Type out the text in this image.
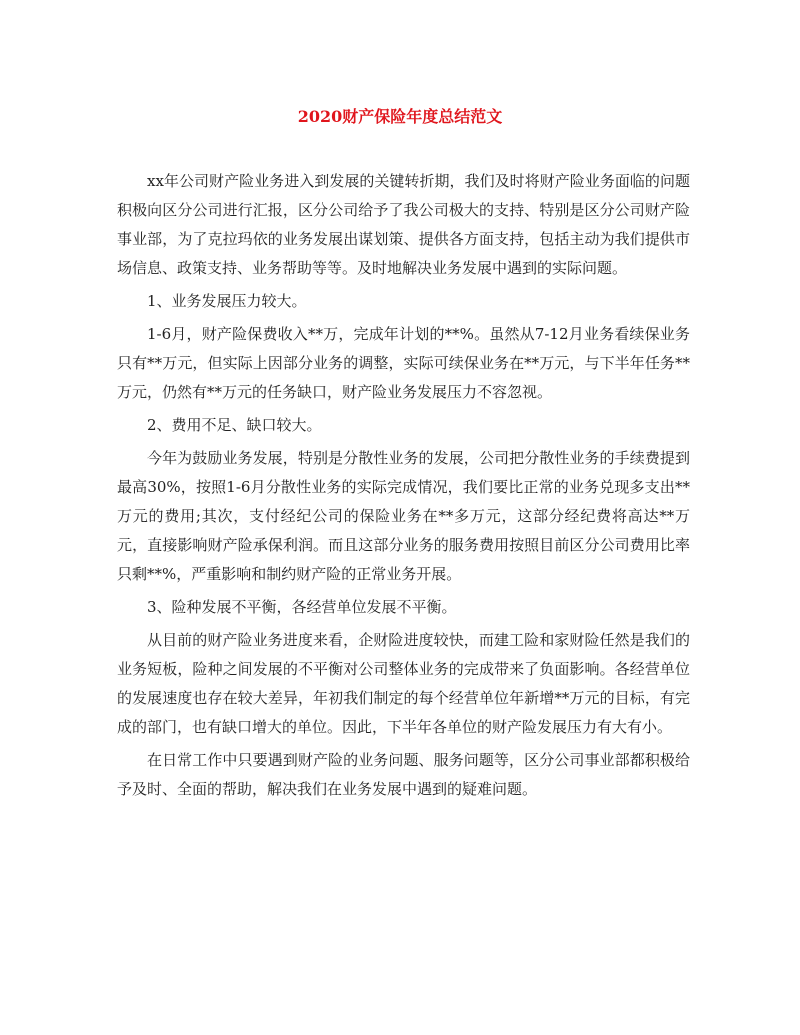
2020财产保险年度总结范文

xx年公司财产险业务进入到发展的关键转折期，我们及时将财产险业务面临的问题积极向区分公司进行汇报，区分公司给予了我公司极大的支持、特别是区分公司财产险事业部，为了克拉玛依的业务发展出谋划策、提供各方面支持，包括主动为我们提供市场信息、政策支持、业务帮助等等。及时地解决业务发展中遇到的实际问题。

1、业务发展压力较大。

1-6月，财产险保费收入**万，完成年计划的**%。虽然从7-12月业务看续保业务只有**万元，但实际上因部分业务的调整，实际可续保业务在**万元，与下半年任务**万元，仍然有**万元的任务缺口，财产险业务发展压力不容忽视。

2、费用不足、缺口较大。

今年为鼓励业务发展，特别是分散性业务的发展，公司把分散性业务的手续费提到最高30%，按照1-6月分散性业务的实际完成情况，我们要比正常的业务兑现多支出**万元的费用;其次，支付经纪公司的保险业务在**多万元，这部分经纪费将高达**万元，直接影响财产险承保利润。而且这部分业务的服务费用按照目前区分公司费用比率只剩**%，严重影响和制约财产险的正常业务开展。

3、险种发展不平衡，各经营单位发展不平衡。

从目前的财产险业务进度来看，企财险进度较快，而建工险和家财险任然是我们的业务短板，险种之间发展的不平衡对公司整体业务的完成带来了负面影响。各经营单位的发展速度也存在较大差异，年初我们制定的每个经营单位年新增**万元的目标，有完成的部门，也有缺口增大的单位。因此，下半年各单位的财产险发展压力有大有小。

在日常工作中只要遇到财产险的业务问题、服务问题等，区分公司事业部都积极给予及时、全面的帮助，解决我们在业务发展中遇到的疑难问题。
